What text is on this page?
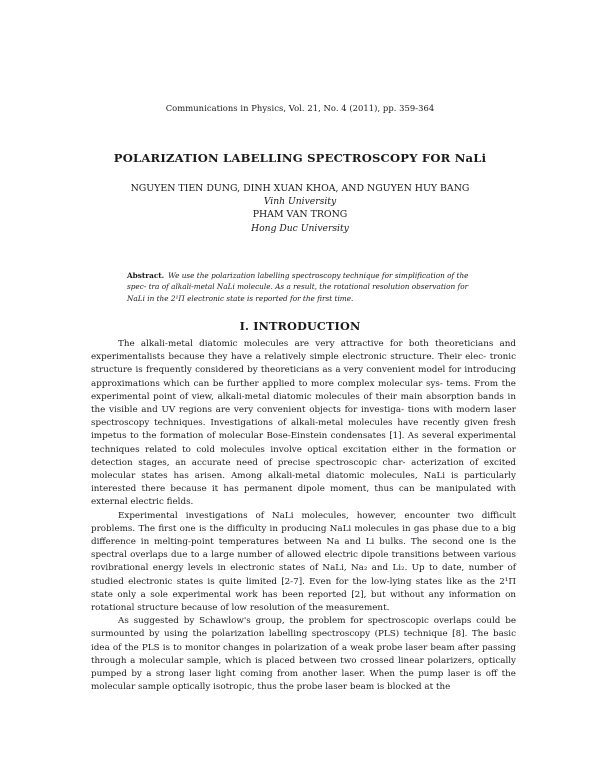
Communications in Physics, Vol. 21, No. 4 (2011), pp. 359-364
POLARIZATION LABELLING SPECTROSCOPY FOR NaLi
NGUYEN TIEN DUNG, DINH XUAN KHOA, AND NGUYEN HUY BANG
Vinh University
PHAM VAN TRONG
Hong Duc University
Abstract. We use the polarization labelling spectroscopy technique for simplification of the spec- tra of alkali-metal NaLi molecule. As a result, the rotational resolution observation for NaLi in the 2¹Π electronic state is reported for the first time.
I. INTRODUCTION

The alkali-metal diatomic molecules are very attractive for both theoreticians and experimentalists because they have a relatively simple electronic structure. Their elec- tronic structure is frequently considered by theoreticians as a very convenient model for introducing approximations which can be further applied to more complex molecular sys- tems. From the experimental point of view, alkali-metal diatomic molecules of their main absorption bands in the visible and UV regions are very convenient objects for investiga- tions with modern laser spectroscopy techniques. Investigations of alkali-metal molecules have recently given fresh impetus to the formation of molecular Bose-Einstein condensates [1]. As several experimental techniques related to cold molecules involve optical excitation either in the formation or detection stages, an accurate need of precise spectroscopic char- acterization of excited molecular states has arisen. Among alkali-metal diatomic molecules, NaLi is particularly interested there because it has permanent dipole moment, thus can be manipulated with external electric fields.

Experimental investigations of NaLi molecules, however, encounter two difficult problems. The first one is the difficulty in producing NaLi molecules in gas phase due to a big difference in melting-point temperatures between Na and Li bulks. The second one is the spectral overlaps due to a large number of allowed electric dipole transitions between various rovibrational energy levels in electronic states of NaLi, Na₂ and Li₂. Up to date, number of studied electronic states is quite limited [2-7]. Even for the low-lying states like as the 2¹Π state only a sole experimental work has been reported [2], but without any information on rotational structure because of low resolution of the measurement.

As suggested by Schawlow's group, the problem for spectroscopic overlaps could be surmounted by using the polarization labelling spectroscopy (PLS) technique [8]. The basic idea of the PLS is to monitor changes in polarization of a weak probe laser beam after passing through a molecular sample, which is placed between two crossed linear polarizers, optically pumped by a strong laser light coming from another laser. When the pump laser is off the molecular sample optically isotropic, thus the probe laser beam is blocked at the
